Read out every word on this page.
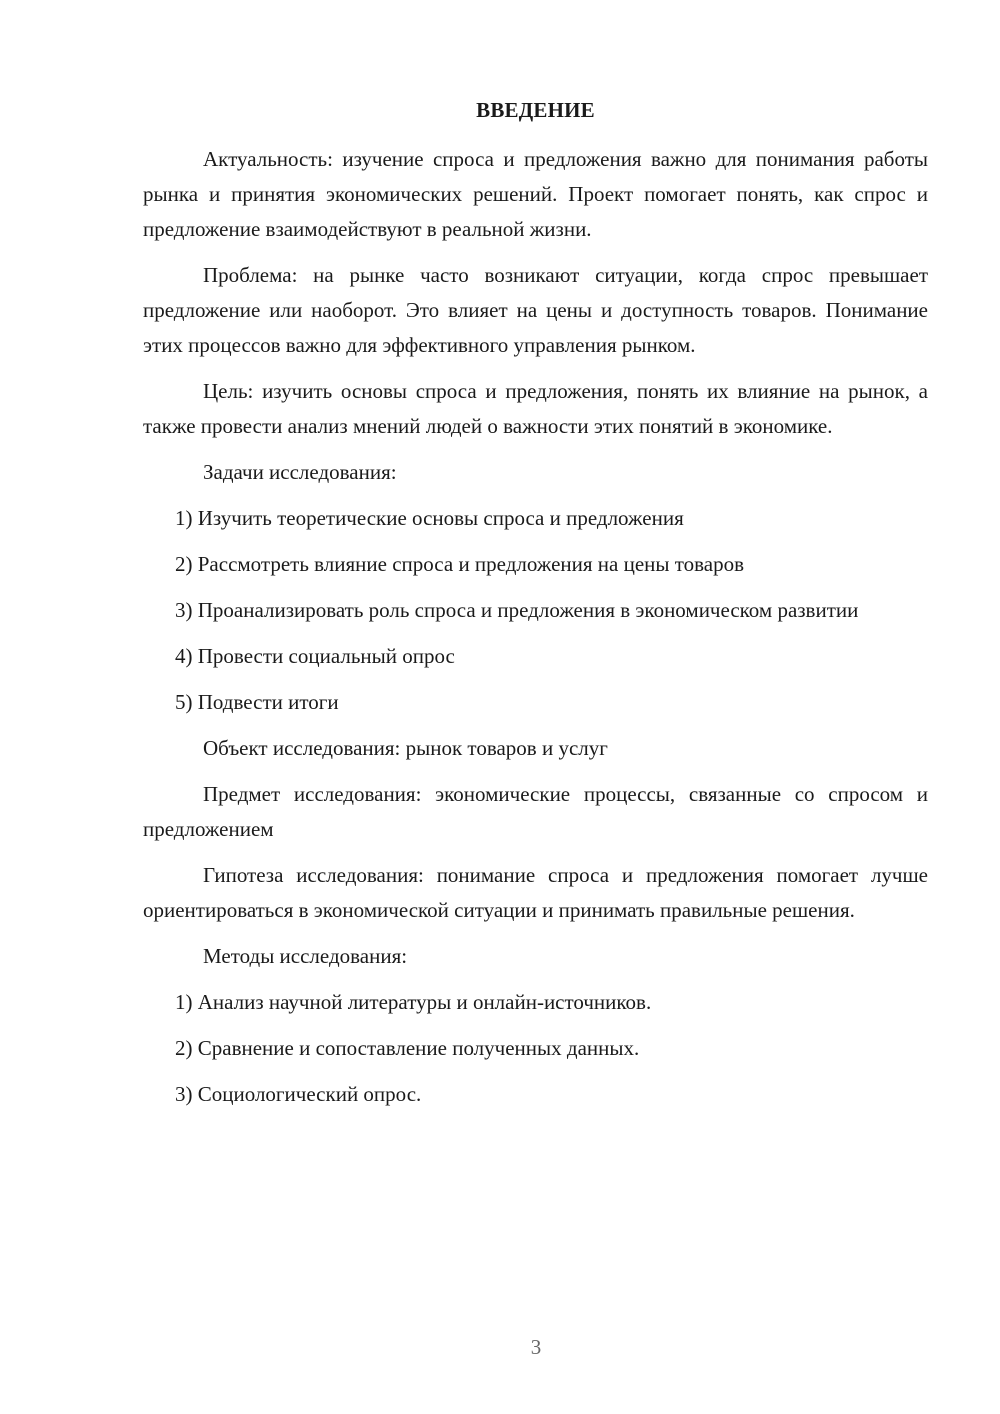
ВВЕДЕНИЕ

Актуальность: изучение спроса и предложения важно для понимания работы рынка и принятия экономических решений. Проект помогает понять, как спрос и предложение взаимодействуют в реальной жизни.

Проблема: на рынке часто возникают ситуации, когда спрос превышает предложение или наоборот. Это влияет на цены и доступность товаров. Понимание этих процессов важно для эффективного управления рынком.

Цель: изучить основы спроса и предложения, понять их влияние на рынок, а также провести анализ мнений людей о важности этих понятий в экономике.

Задачи исследования:

1) Изучить теоретические основы спроса и предложения

2) Рассмотреть влияние спроса и предложения на цены товаров

3) Проанализировать роль спроса и предложения в экономическом развитии

4) Провести социальный опрос

5) Подвести итоги

Объект исследования: рынок товаров и услуг

Предмет исследования: экономические процессы, связанные со спросом и предложением

Гипотеза исследования: понимание спроса и предложения помогает лучше ориентироваться в экономической ситуации и принимать правильные решения.

Методы исследования:

1) Анализ научной литературы и онлайн-источников.

2) Сравнение и сопоставление полученных данных.

3) Социологический опрос.

3
